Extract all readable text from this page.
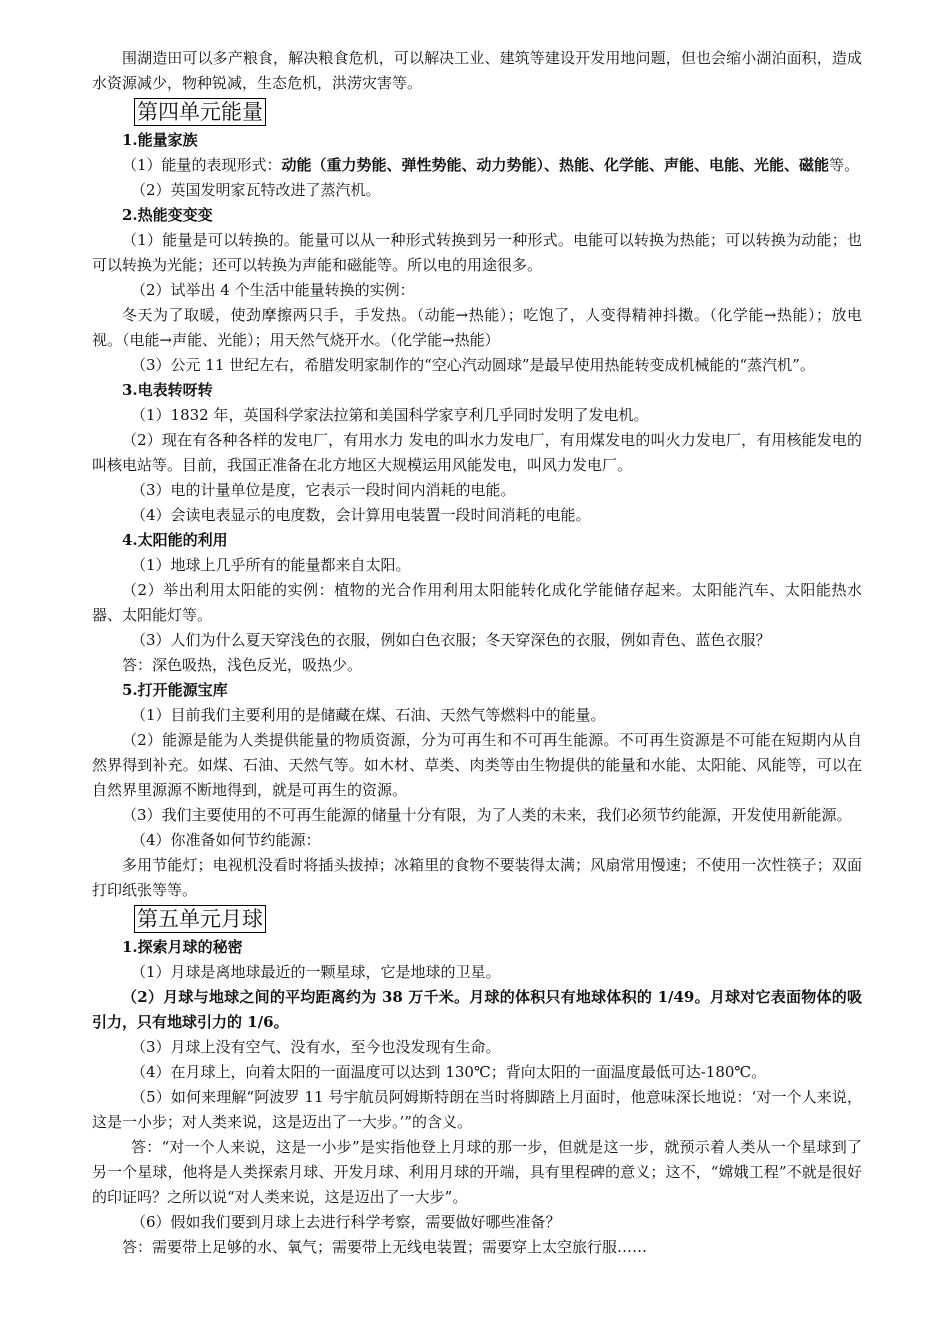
围湖造田可以多产粮食，解决粮食危机，可以解决工业、建筑等建设开发用地问题，但也会缩小湖泊面积，造成水资源减少，物种锐减，生态危机，洪涝灾害等。

第四单元能量

1.能量家族

（1）能量的表现形式：动能（重力势能、弹性势能、动力势能）、热能、化学能、声能、电能、光能、磁能等。

（2）英国发明家瓦特改进了蒸汽机。

2.热能变变变

（1）能量是可以转换的。能量可以从一种形式转换到另一种形式。电能可以转换为热能；可以转换为动能；也可以转换为光能；还可以转换为声能和磁能等。所以电的用途很多。

（2）试举出 4 个生活中能量转换的实例：

冬天为了取暖，使劲摩擦两只手，手发热。（动能→热能）；吃饱了，人变得精神抖擞。（化学能→热能）；放电视。（电能→声能、光能）；用天然气烧开水。（化学能→热能）

（3）公元 11 世纪左右，希腊发明家制作的“空心汽动圆球”是最早使用热能转变成机械能的“蒸汽机”。

3.电表转呀转

（1）1832 年，英国科学家法拉第和美国科学家亨利几乎同时发明了发电机。

（2）现在有各种各样的发电厂，有用水力 发电的叫水力发电厂，有用煤发电的叫火力发电厂，有用核能发电的叫核电站等。目前，我国正准备在北方地区大规模运用风能发电，叫风力发电厂。

（3）电的计量单位是度，它表示一段时间内消耗的电能。

（4）会读电表显示的电度数，会计算用电装置一段时间消耗的电能。

4.太阳能的利用

（1）地球上几乎所有的能量都来自太阳。

（2）举出利用太阳能的实例：植物的光合作用利用太阳能转化成化学能储存起来。太阳能汽车、太阳能热水器、太阳能灯等。

（3）人们为什么夏天穿浅色的衣服，例如白色衣服；冬天穿深色的衣服，例如青色、蓝色衣服？

答：深色吸热，浅色反光，吸热少。

5.打开能源宝库

（1）目前我们主要利用的是储藏在煤、石油、天然气等燃料中的能量。

（2）能源是能为人类提供能量的物质资源，分为可再生和不可再生能源。不可再生资源是不可能在短期内从自然界得到补充。如煤、石油、天然气等。如木材、草类、肉类等由生物提供的能量和水能、太阳能、风能等，可以在自然界里源源不断地得到，就是可再生的资源。

（3）我们主要使用的不可再生能源的储量十分有限，为了人类的未来，我们必须节约能源，开发使用新能源。

（4）你准备如何节约能源：

多用节能灯；电视机没看时将插头拔掉；冰箱里的食物不要装得太满；风扇常用慢速；不使用一次性筷子；双面打印纸张等等。

第五单元月球

1.探索月球的秘密

（1）月球是离地球最近的一颗星球，它是地球的卫星。

（2）月球与地球之间的平均距离约为 38 万千米。月球的体积只有地球体积的 1/49。月球对它表面物体的吸引力，只有地球引力的 1/6。

（3）月球上没有空气、没有水，至今也没发现有生命。

（4）在月球上，向着太阳的一面温度可以达到 130℃；背向太阳的一面温度最低可达-180℃。

（5）如何来理解“阿波罗 11 号宇航员阿姆斯特朗在当时将脚踏上月面时，他意味深长地说：‘对一个人来说，这是一小步；对人类来说，这是迈出了一大步。’”的含义。

答：“对一个人来说，这是一小步”是实指他登上月球的那一步，但就是这一步，就预示着人类从一个星球到了另一个星球，他将是人类探索月球、开发月球、利用月球的开端，具有里程碑的意义；这不，“嫦娥工程”不就是很好的印证吗？之所以说“对人类来说，这是迈出了一大步”。

（6）假如我们要到月球上去进行科学考察，需要做好哪些准备？

答：需要带上足够的水、氧气；需要带上无线电装置；需要穿上太空旅行服……
